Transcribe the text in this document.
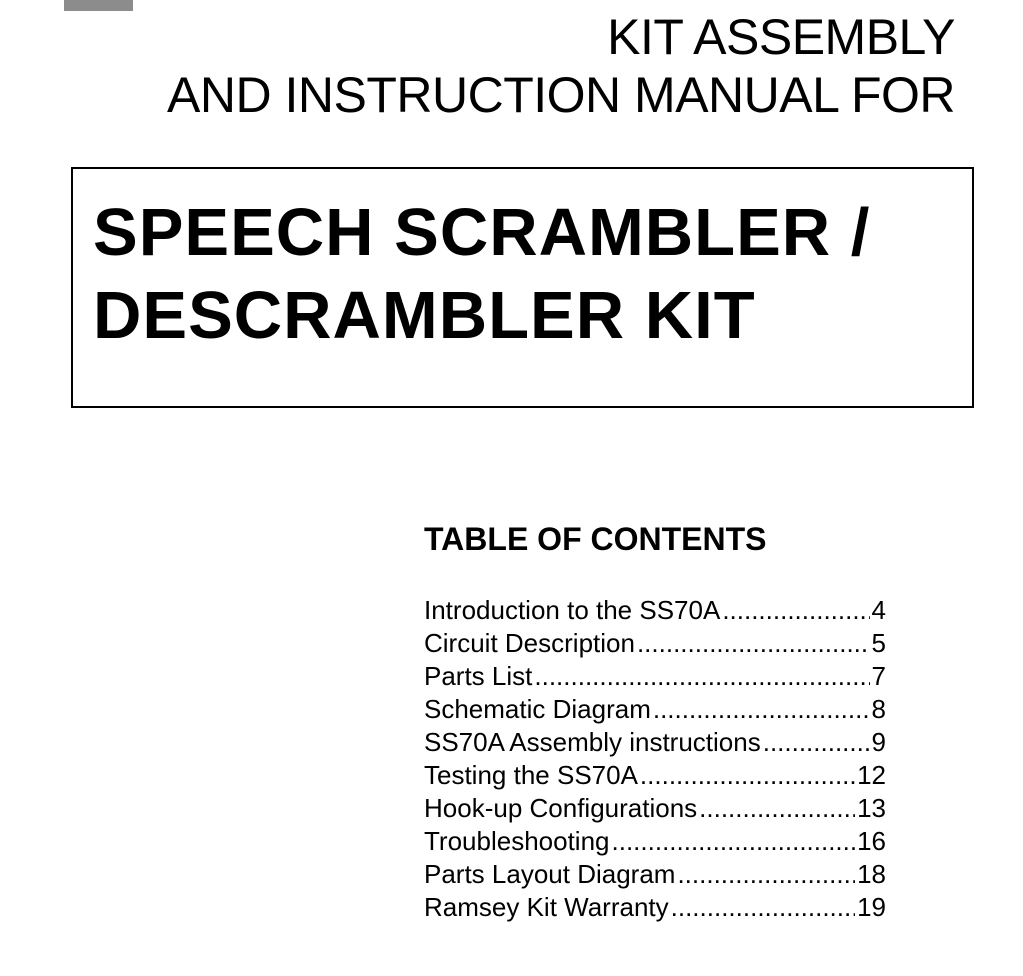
KIT ASSEMBLY
AND INSTRUCTION MANUAL FOR
SPEECH SCRAMBLER /
DESCRAMBLER KIT
TABLE OF CONTENTS
Introduction to the SS70A .....	4
Circuit Description .....	5
Parts List .....	7
Schematic Diagram .....	8
SS70A Assembly instructions .....	9
Testing the SS70A .....	12
Hook-up Configurations .....	13
Troubleshooting .....	16
Parts Layout Diagram .....	18
Ramsey Kit Warranty .....	19
